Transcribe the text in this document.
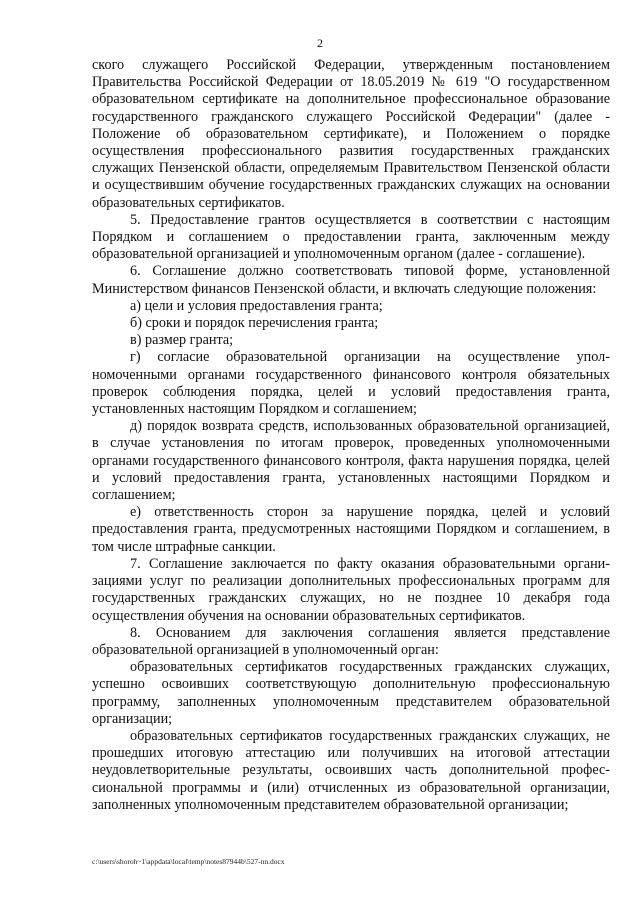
2

ского служащего Российской Федерации, утвержденным постановлением Правительства Российской Федерации от 18.05.2019 № 619 "О государственном образовательном сертификате на дополнительное профессиональное образование государственного гражданского служащего Российской Федерации" (далее - Положение об образовательном сертификате), и Положением о порядке осуществления профессионального развития государственных гражданских служащих Пензенской области, определяемым Правительством Пензенской области и осуществившим обучение государственных гражданских служащих на основании образовательных сертификатов.

5. Предоставление грантов осуществляется в соответствии с настоящим Порядком и соглашением о предоставлении гранта, заключенным между образовательной организацией и уполномоченным органом (далее - соглашение).

6. Соглашение должно соответствовать типовой форме, установленной Министерством финансов Пензенской области, и включать следующие положения:

а) цели и условия предоставления гранта;

б) сроки и порядок перечисления гранта;

в) размер гранта;

г) согласие образовательной организации на осуществление уполномоченными органами государственного финансового контроля обязательных проверок соблюдения порядка, целей и условий предоставления гранта, установленных настоящим Порядком и соглашением;

д) порядок возврата средств, использованных образовательной организацией, в случае установления по итогам проверок, проведенных уполномоченными органами государственного финансового контроля, факта нарушения порядка, целей и условий предоставления гранта, установленных настоящими Порядком и соглашением;

е) ответственность сторон за нарушение порядка, целей и условий предоставления гранта, предусмотренных настоящими Порядком и соглашением, в том числе штрафные санкции.

7. Соглашение заключается по факту оказания образовательными организациями услуг по реализации дополнительных профессиональных программ для государственных гражданских служащих, но не позднее 10 декабря года осуществления обучения на основании образовательных сертификатов.

8. Основанием для заключения соглашения является представление образовательной организацией в уполномоченный орган:

образовательных сертификатов государственных гражданских служащих, успешно освоивших соответствующую дополнительную профессиональную программу, заполненных уполномоченным представителем образовательной организации;

образовательных сертификатов государственных гражданских служащих, не прошедших итоговую аттестацию или получивших на итоговой аттестации неудовлетворительные результаты, освоивших часть дополнительной профессиональной программы и (или) отчисленных из образовательной организации, заполненных уполномоченным представителем образовательной организации;

c:\users\shoroh~1\appdata\local\temp\notes87944b\527-nn.docx
